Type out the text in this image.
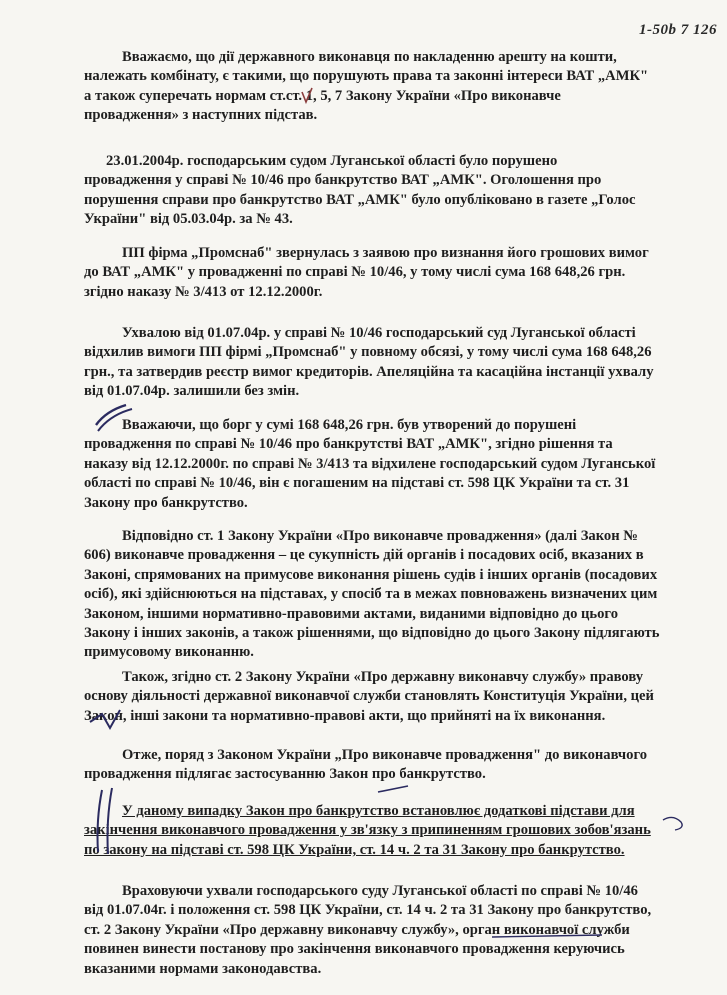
1-50b 7 126
Вважаємо, що дії державного виконавця по накладенню арешту на кошти,
належать комбінату, є такими, що порушують права та законні інтереси ВАТ „АМК"
а також суперечать нормам ст.ст. 1, 5, 7 Закону України «Про виконавче
провадження» з наступних підстав.
23.01.2004р. господарським судом Луганської області було порушено
провадження у справі № 10/46 про банкрутство ВАТ „АМК". Оголошення про
порушення справи про банкрутство ВАТ „АМК" було опубліковано в газете „Голос
України" від 05.03.04р. за № 43.
ПП фірма „Промснаб" звернулась з заявою про визнання його грошових вимог
до ВАТ „АМК" у провадженні по справі № 10/46, у тому числі сума 168 648,26 грн.
згідно наказу № 3/413 от 12.12.2000г.
Ухвалою від 01.07.04р. у справі № 10/46 господарський суд Луганської області
відхилив вимоги ПП фірмі „Промснаб" у повному обсязі, у тому числі сума 168 648,26
грн., та затвердив реєстр вимог кредиторів. Апеляційна та касаційна інстанції ухвалу
від 01.07.04р. залишили без змін.
Вважаючи, що борг у сумі 168 648,26 грн. був утворений до порушені
провадження по справі № 10/46 про банкрутстві ВАТ „АМК", згідно рішення та
наказу від 12.12.2000г. по справі № 3/413 та відхилене господарський судом Луганської
області по справі № 10/46, він є погашеним на підставі ст. 598 ЦК України та ст. 31
Закону про банкрутство.
Відповідно ст. 1 Закону України «Про виконавче провадження» (далі Закон №
606) виконавче провадження – це сукупність дій органів і посадових осіб, вказаних в
Законі, спрямованих на примусове виконання рішень судів і інших органів (посадових
осіб), які здійснюються на підставах, у спосіб та в межах повноважень визначених цим
Законом, іншими нормативно-правовими актами, виданими відповідно до цього
Закону і інших законів, а також рішеннями, що відповідно до цього Закону підлягають
примусовому виконанню.
Також, згідно ст. 2 Закону України «Про державну виконавчу службу» правову
основу діяльності державної виконавчої служби становлять Конституція України, цей
Закон, інші закони та нормативно-правові акти, що прийняті на їх виконання.
Отже, поряд з Законом України „Про виконавче провадження" до виконавчого
провадження підлягає застосуванню Закон про банкрутство.
У даному випадку Закон про банкрутство встановлює додаткові підстави для
закінчення виконавчого провадження у зв'язку з припиненням грошових зобов'язань
по закону на підставі ст. 598 ЦК України, ст. 14 ч. 2 та 31 Закону про банкрутство.
Враховуючи ухвали господарського суду Луганської області по справі № 10/46
від 01.07.04г. і положення ст. 598 ЦК України, ст. 14 ч. 2 та 31 Закону про банкрутство,
ст. 2 Закону України «Про державну виконавчу службу», орган виконавчої служби
повинен винести постанову про закінчення виконавчого провадження керуючись
вказаними нормами законодавства.
